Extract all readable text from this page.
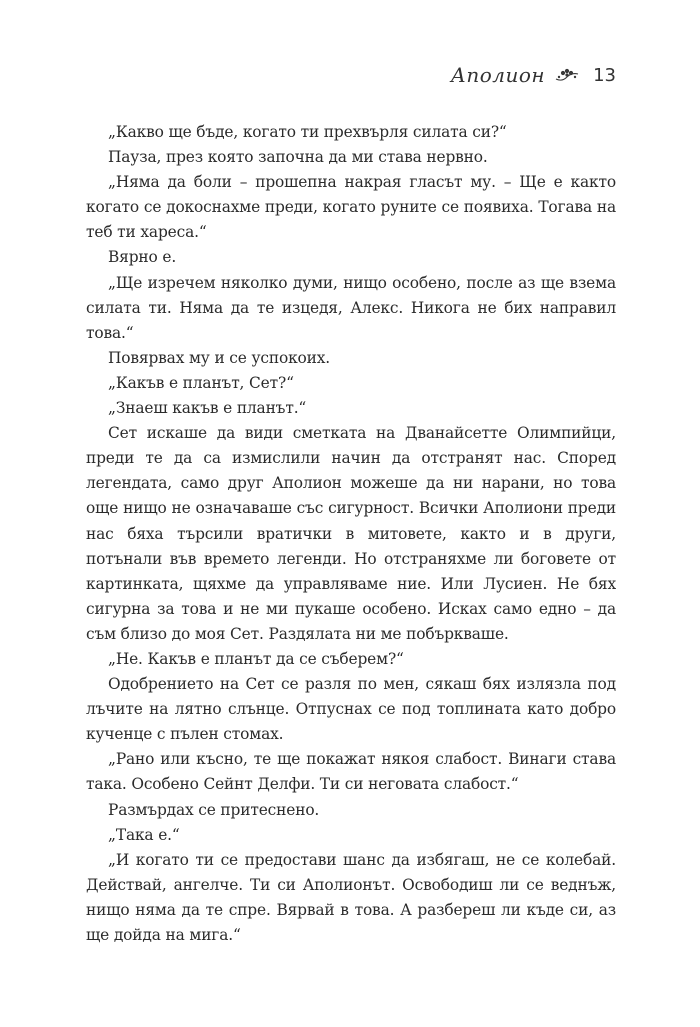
Аполион	13

„Какво ще бъде, когато ти прехвърля силата си?“

Пауза, през която започна да ми става нервно.

„Няма да боли – прошепна накрая гласът му. – Ще е както когато се докоснахме преди, когато руните се появиха. Тогава на теб ти хареса.“

Вярно е.

„Ще изречем няколко думи, нищо особено, после аз ще взема силата ти. Няма да те изцедя, Алекс. Никога не бих направил това.“

Повярвах му и се успокоих.

„Какъв е планът, Сет?“

„Знаеш какъв е планът.“

Сет искаше да види сметката на Дванайсетте Олимпийци, преди те да са измислили начин да отстранят нас. Според легендата, само друг Аполион можеше да ни нарани, но това още нищо не означаваше със сигурност. Всички Аполиони преди нас бяха търсили вратички в митовете, както и в други, потънали във времето легенди. Но отстраняхме ли боговете от картинката, щяхме да управляваме ние. Или Лусиен. Не бях сигурна за това и не ми пукаше особено. Исках само едно – да съм близо до моя Сет. Раздялата ни ме побъркваше.

„Не. Какъв е планът да се съберем?“

Одобрението на Сет се разля по мен, сякаш бях излязла под лъчите на лятно слънце. Отпуснах се под топлината като добро кученце с пълен стомах.

„Рано или късно, те ще покажат някоя слабост. Винаги става така. Особено Сейнт Делфи. Ти си неговата слабост.“

Размърдах се притеснено.

„Така е.“

„И когато ти се предостави шанс да избягаш, не се колебай. Действай, ангелче. Ти си Аполионът. Освободиш ли се веднъж, нищо няма да те спре. Вярвай в това. А разбереш ли къде си, аз ще дойда на мига.“
